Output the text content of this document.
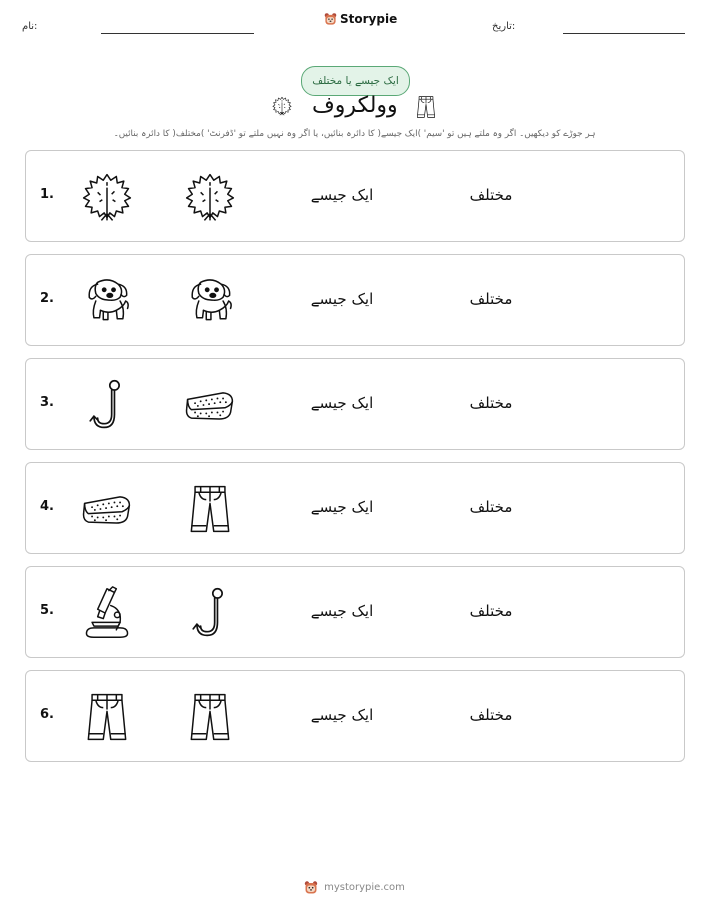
نام:
Storypie
تاریخ:
ایک جیسے یا مختلف
وولکروف
ہر جوڑے کو دیکھیں۔ اگر وہ ملتے ہیں تو 'سیم' )ایک جیسے( کا دائرہ بنائیں، یا اگر وہ نہیں ملتے تو 'ڈفرنٹ' )مختلف( کا دائرہ بنائیں۔
1.	ایک جیسے	مختلف
2.	ایک جیسے	مختلف
3.	ایک جیسے	مختلف
4.	ایک جیسے	مختلف
5.	ایک جیسے	مختلف
6.	ایک جیسے	مختلف
mystorypie.com
